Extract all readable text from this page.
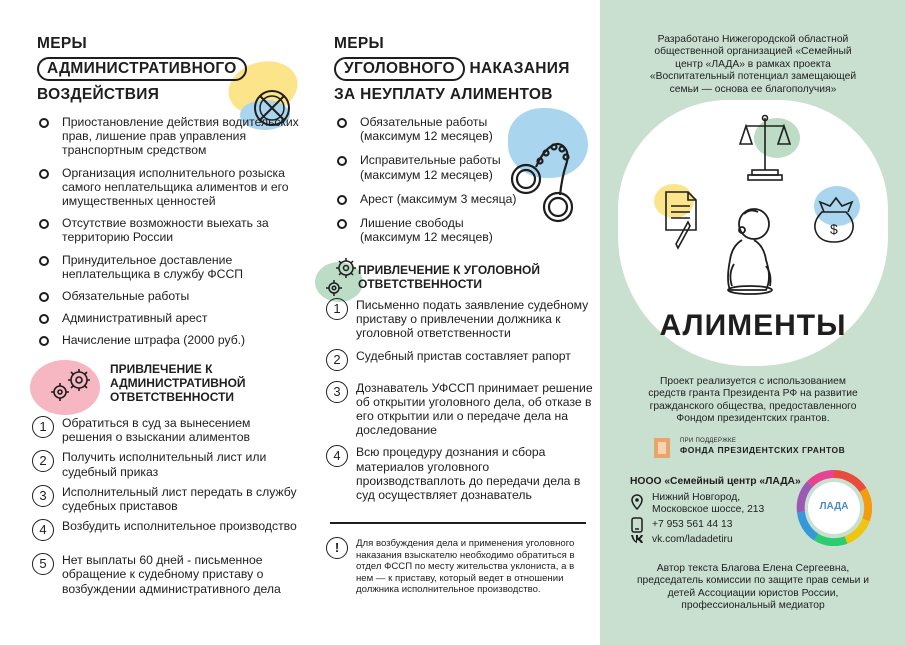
МЕРЫ
АДМИНИСТРАТИВНОГО
ВОЗДЕЙСТВИЯ
Приостановление действия водительских прав, лишение прав управления транспортным средством
Организация исполнительного розыска самого неплательщика алиментов и его имущественных ценностей
Отсутствие возможности выехать за территорию России
Принудительное доставление неплательщика в службу ФССП
Обязательные работы
Административный арест
Начисление штрафа (2000 руб.)
ПРИВЛЕЧЕНИЕ К АДМИНИСТРАТИВНОЙ ОТВЕТСТВЕННОСТИ
1	Обратиться в суд за вынесением решения о взыскании алиментов
2	Получить исполнительный лист или судебный приказ
3	Исполнительный лист передать в службу судебных приставов
4	Возбудить исполнительное производство
5	Нет выплаты 60 дней - письменное обращение к судебному приставу о возбуждении административного дела
МЕРЫ
УГОЛОВНОГО НАКАЗАНИЯ
ЗА НЕУПЛАТУ АЛИМЕНТОВ
Обязательные работы (максимум 12 месяцев)
Исправительные работы (максимум 12 месяцев)
Арест (максимум 3 месяца)
Лишение свободы (максимум 12 месяцев)
ПРИВЛЕЧЕНИЕ К УГОЛОВНОЙ ОТВЕТСТВЕННОСТИ
1	Письменно подать заявление судебному приставу о привлечении должника к уголовной ответственности
2	Судебный пристав составляет рапорт
3	Дознаватель УФССП принимает решение об открытии уголовного дела, об отказе в его открытии или о передаче дела на доследование
4	Всю процедуру дознания и сбора материалов уголовного производстваплоть до передачи дела в суд осуществляет дознаватель
!	Для возбуждения дела и применения уголовного наказания взыскателю необходимо обратиться в отдел ФССП по месту жительства уклониста, а в нем — к приставу, который ведет в отношении должника исполнительное производство.
Разработано Нижегородской областной общественной организацией «Семейный центр «ЛАДА» в рамках проекта «Воспитательный потенциал замещающей семьи — основа ее благополучия»
$
АЛИМЕНТЫ
Проект реализуется с использованием средств гранта Президента РФ на развитие гражданского общества, предоставленного Фондом президентских грантов.
ПРИ ПОДДЕРЖКЕ
ФОНДА ПРЕЗИДЕНТСКИХ ГРАНТОВ
НООО «Семейный центр «ЛАДА»
Нижний Новгород, Московское шоссе, 213
+7 953 561 44 13
vk.com/ladadetiru
ЛАДА
Автор текста Благова Елена Сергеевна, председатель комиссии по защите прав семьи и детей Ассоциации юристов России, профессиональный медиатор
